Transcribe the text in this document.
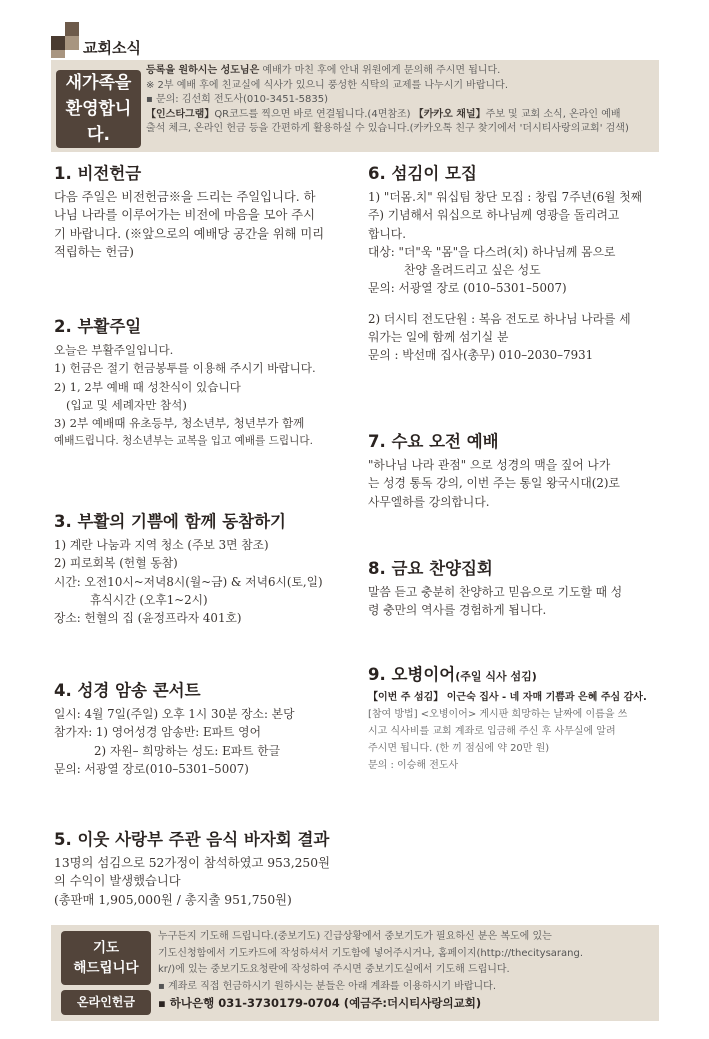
교회소식
새가족을
환영합니다.
등록을 원하시는 성도님은 예배가 마친 후에 안내 위원에게 문의해 주시면 됩니다.
※ 2부 예배 후에 친교실에 식사가 있으니 풍성한 식탁의 교제를 나누시기 바랍니다.
▪ 문의: 김선희 전도사(010-3451-5835)
【인스타그램】QR코드를 찍으면 바로 연결됩니다.(4면참조) 【카카오 채널】주보 및 교회 소식, 온라인 예배
출석 체크, 온라인 헌금 등을 간편하게 활용하실 수 있습니다.(카카오톡 친구 찾기에서 '더시티사랑의교회' 검색)
1. 비전헌금
다음 주일은 비전헌금※을 드리는 주일입니다. 하
나님 나라를 이루어가는 비전에 마음을 모아 주시
기 바랍니다. (※앞으로의 예배당 공간을 위해 미리
적립하는 헌금)
2. 부활주일
오늘은 부활주일입니다.
1) 헌금은 절기 헌금봉투를 이용해 주시기 바랍니다.
2) 1, 2부 예배 때 성찬식이 있습니다
(입교 및 세례자만 참석)
3) 2부 예배때 유초등부, 청소년부, 청년부가 함께
예배드립니다. 청소년부는 교복을 입고 예배를 드립니다.
3. 부활의 기쁨에 함께 동참하기
1) 계란 나눔과 지역 청소 (주보 3면 참조)
2) 피로회복 (헌혈 동참)
시간: 오전10시~저녁8시(월~금) & 저녁6시(토,일)
휴식시간 (오후1~2시)
장소: 헌혈의 집 (윤정프라자 401호)
4. 성경 암송 콘서트
일시: 4월 7일(주일) 오후 1시 30분 장소: 본당
참가자: 1) 영어성경 암송반: E파트 영어
2) 자원– 희망하는 성도: E파트 한글
문의: 서광열 장로(010–5301–5007)
5. 이웃 사랑부 주관 음식 바자회 결과
13명의 섬김으로 52가정이 참석하였고 953,250원
의 수익이 발생했습니다
(총판매 1,905,000원 / 총지출 951,750원)
6. 섬김이 모집
1) "더몸.치" 워십팀 창단 모집 : 창립 7주년(6월 첫째
주) 기념해서 워십으로 하나님께 영광을 돌리려고
합니다.
대상: "더"욱 "몸"을 다스려(치) 하나님께 몸으로
찬양 올려드리고 싶은 성도
문의: 서광열 장로 (010–5301–5007)
2) 더시티 전도단원 : 복음 전도로 하나님 나라를 세
워가는 일에 함께 섬기실 분
문의 : 박선매 집사(총무) 010–2030–7931
7. 수요 오전 예배
"하나님 나라 관점" 으로 성경의 맥을 짚어 나가
는 성경 통독 강의, 이번 주는 통일 왕국시대(2)로
사무엘하를 강의합니다.
8. 금요 찬양집회
말씀 듣고 충분히 찬양하고 믿음으로 기도할 때 성
령 충만의 역사를 경험하게 됩니다.
9. 오병이어(주일 식사 섬김)
【이번 주 섬김】 이근숙 집사 - 네 자매 기쁨과 은혜 주심 감사.
[참여 방법] <오병이어> 게시판 희망하는 날짜에 이름을 쓰
시고 식사비를 교회 계좌로 입금해 주신 후 사무실에 알려
주시면 됩니다. (한 끼 점심에 약 20만 원)
문의 : 이승해 전도사
기도
해드립니다
온라인헌금
누구든지 기도해 드립니다.(중보기도) 긴급상황에서 중보기도가 필요하신 분은 복도에 있는
기도신청함에서 기도카드에 작성하셔서 기도함에 넣어주시거나, 홈페이지(http://thecitysarang.
kr/)에 있는 중보기도요청란에 작성하여 주시면 중보기도실에서 기도해 드립니다.
▪ 계좌로 직접 헌금하시기 원하시는 분들은 아래 계좌를 이용하시기 바랍니다.
▪ 하나은행 031-3730179-0704 (예금주:더시티사랑의교회)
